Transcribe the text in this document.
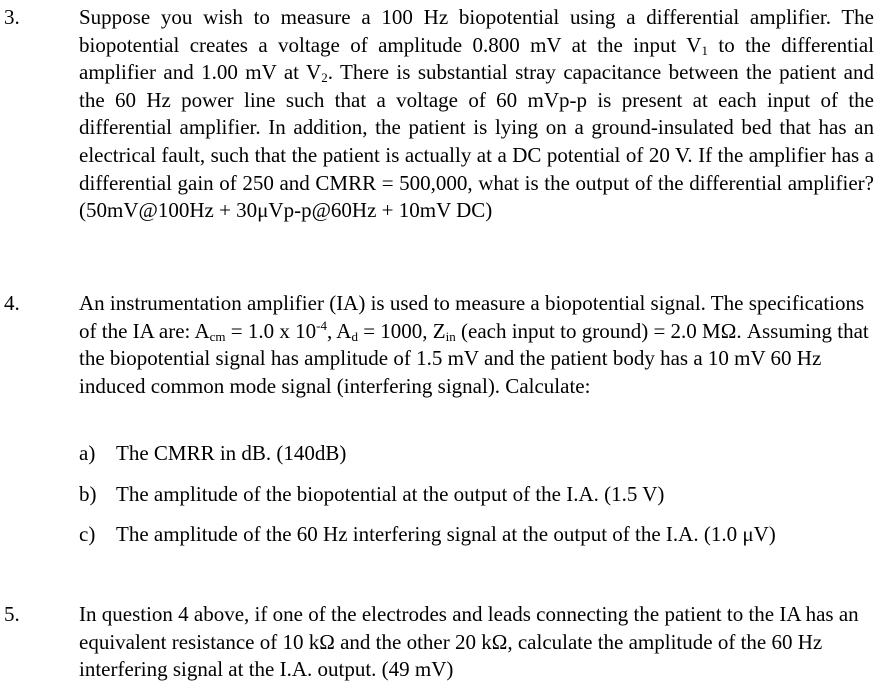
3.	Suppose you wish to measure a 100 Hz biopotential using a differential amplifier. The biopotential creates a voltage of amplitude 0.800 mV at the input $V_1$ to the differential amplifier and 1.00 mV at $V_2$. There is substantial stray capacitance between the patient and the 60 Hz power line such that a voltage of 60 mVp-p is present at each input of the differential amplifier. In addition, the patient is lying on a ground-insulated bed that has an electrical fault, such that the patient is actually at a DC potential of 20 V. If the amplifier has a differential gain of 250 and CMRR = 500,000, what is the output of the differential amplifier? (50mV@100Hz + 30μVp-p@60Hz + 10mV DC)
4.	An instrumentation amplifier (IA) is used to measure a biopotential signal. The specifications of the IA are: $A_{cm} = 1.0$ x $10^{-4}$, $A_d = 1000$, $Z_{in}$ (each input to ground) = 2.0 MΩ. Assuming that the biopotential signal has amplitude of 1.5 mV and the patient body has a 10 mV 60 Hz induced common mode signal (interfering signal). Calculate:
a) The CMRR in dB. (140dB)
b) The amplitude of the biopotential at the output of the I.A. (1.5 V)
c) The amplitude of the 60 Hz interfering signal at the output of the I.A. (1.0 μV)
5.	In question 4 above, if one of the electrodes and leads connecting the patient to the IA has an equivalent resistance of 10 kΩ and the other 20 kΩ, calculate the amplitude of the 60 Hz interfering signal at the I.A. output. (49 mV)
